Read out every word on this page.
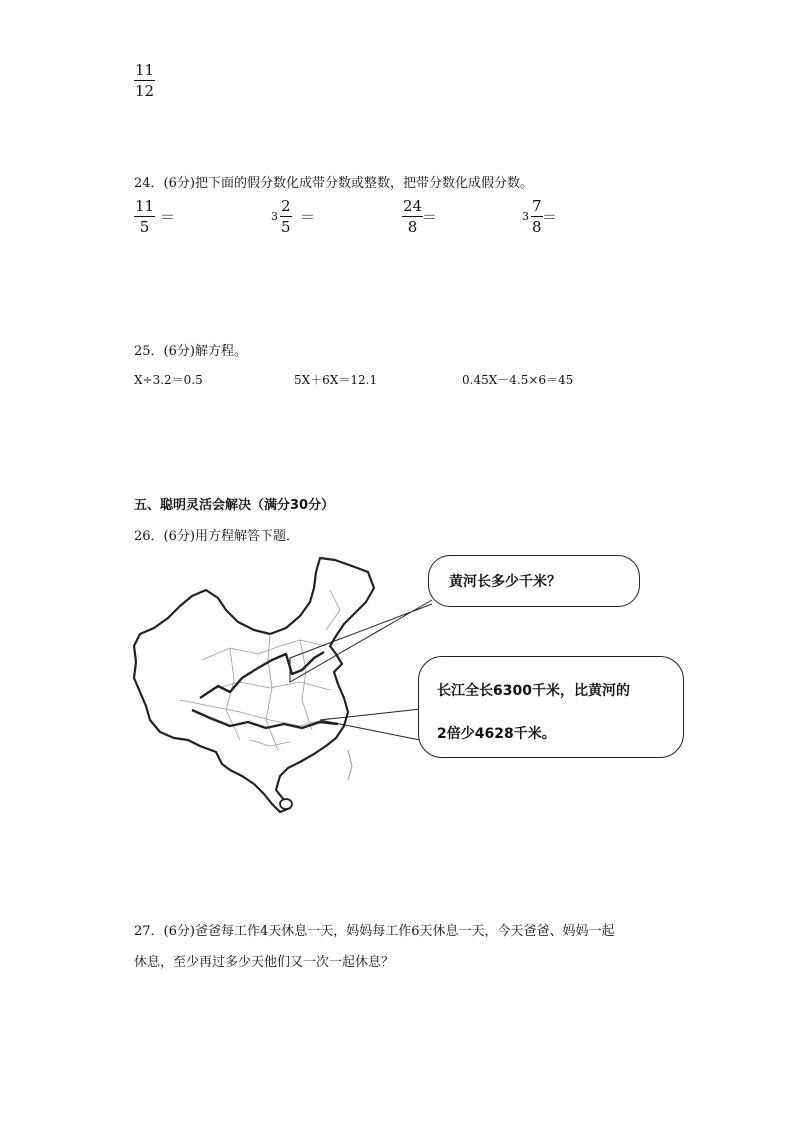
11
12
24．(6分)把下面的假分数化成带分数或整数，把带分数化成假分数。
11
5
＝	3
2
5
＝
24
8
＝	3
7
8
＝
25．(6分)解方程。
X÷3.2＝0.5	5X＋6X＝12.1	0.45X－4.5×6＝45
五、聪明灵活会解决（满分30分）
26．(6分)用方程解答下题．
黄河长多少千米？
长江全长6300千米，比黄河的
2倍少4628千米。
27．(6分)爸爸每工作4天休息一天，妈妈每工作6天休息一天，今天爸爸、妈妈一起
休息，至少再过多少天他们又一次一起休息？
